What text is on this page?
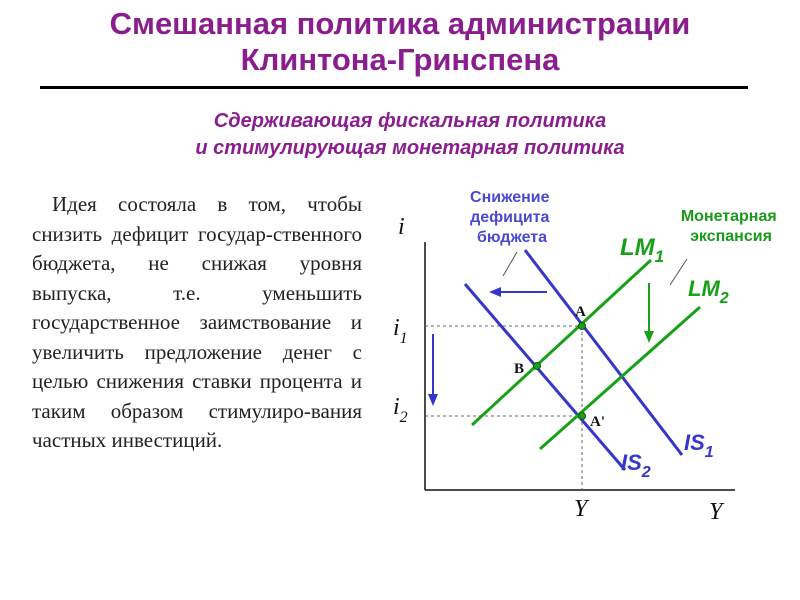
Смешанная политика администрации
Клинтона-Гринспена
Сдерживающая фискальная политика
и стимулирующая монетарная политика
Идея состояла в том, чтобы снизить дефицит государ-ственного бюджета, не снижая уровня выпуска, т.е. уменьшить государственное заимствование и увеличить предложение денег с целью снижения ставки процента и таким образом стимулиро-вания частных инвестиций.
i
Y
Y
$i_1$
$i_2$
A
B
A'
$LM_1$
$LM_2$
$IS_1$
$IS_2$
Снижение дефицита бюджета
Монетарная экспансия
